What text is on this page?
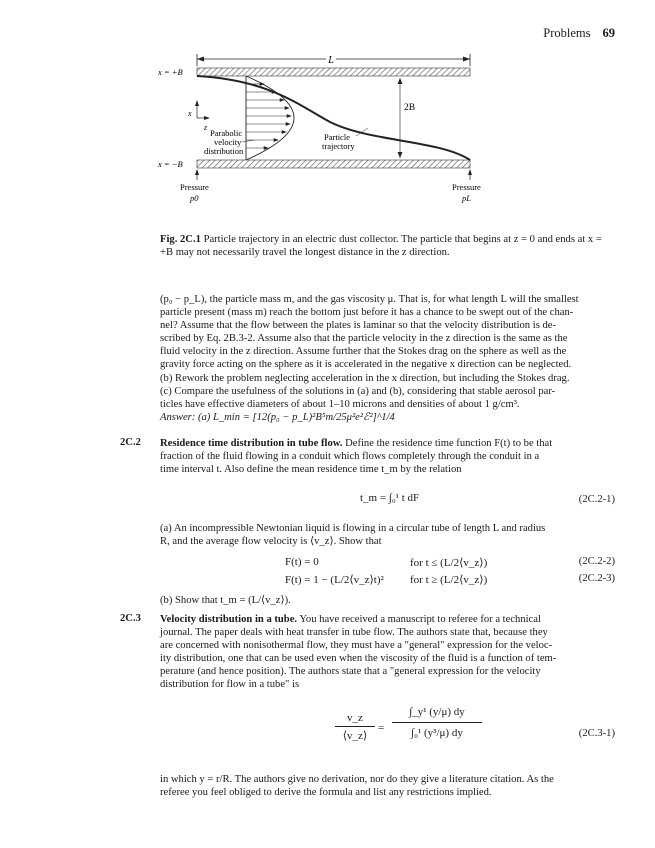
Problems 69
L
x = +B
x = −B
2B
x
z
Parabolic velocity distribution
Particle trajectory
Pressure p0
Pressure pL
Fig. 2C.1 Particle trajectory in an electric dust collector. The particle that begins at z = 0 and ends at x = +B may not necessarily travel the longest distance in the z direction.
(p₀ − p_L), the particle mass m, and the gas viscosity μ. That is, for what length L will the smallest
particle present (mass m) reach the bottom just before it has a chance to be swept out of the chan-
nel? Assume that the flow between the plates is laminar so that the velocity distribution is de-
scribed by Eq. 2B.3-2. Assume also that the particle velocity in the z direction is the same as the
fluid velocity in the z direction. Assume further that the Stokes drag on the sphere as well as the
gravity force acting on the sphere as it is accelerated in the negative x direction can be neglected.
(b) Rework the problem neglecting acceleration in the x direction, but including the Stokes drag.
(c) Compare the usefulness of the solutions in (a) and (b), considering that stable aerosol par-
ticles have effective diameters of about 1–10 microns and densities of about 1 g/cm³.
Answer: (a) L_min = [12(p₀ − p_L)²B⁵m/25μ²e²ℰ²]^1/4
2C.2 Residence time distribution in tube flow. Define the residence time function F(t) to be that
fraction of the fluid flowing in a conduit which flows completely through the conduit in a
time interval t. Also define the mean residence time t_m by the relation
t_m = ∫₀¹ t dF	(2C.2-1)
(a) An incompressible Newtonian liquid is flowing in a circular tube of length L and radius
R, and the average flow velocity is ⟨v_z⟩. Show that
F(t) = 0	for t ≤ (L/2⟨v_z⟩)	(2C.2-2)
F(t) = 1 − (L/2⟨v_z⟩t)² for t ≥ (L/2⟨v_z⟩)	(2C.2-3)
(b) Show that t_m = (L/⟨v_z⟩).
2C.3 Velocity distribution in a tube. You have received a manuscript to referee for a technical
journal. The paper deals with heat transfer in tube flow. The authors state that, because they
are concerned with nonisothermal flow, they must have a "general" expression for the veloc-
ity distribution, one that can be used even when the viscosity of the fluid is a function of tem-
perature (and hence position). The authors state that a "general expression for the velocity
distribution for flow in a tube" is
v_z
⟨v_z⟩
=
∫_y¹ (y/μ) dy
∫₀¹ (y³/μ) dy	(2C.3-1)
in which y = r/R. The authors give no derivation, nor do they give a literature citation. As the
referee you feel obliged to derive the formula and list any restrictions implied.
